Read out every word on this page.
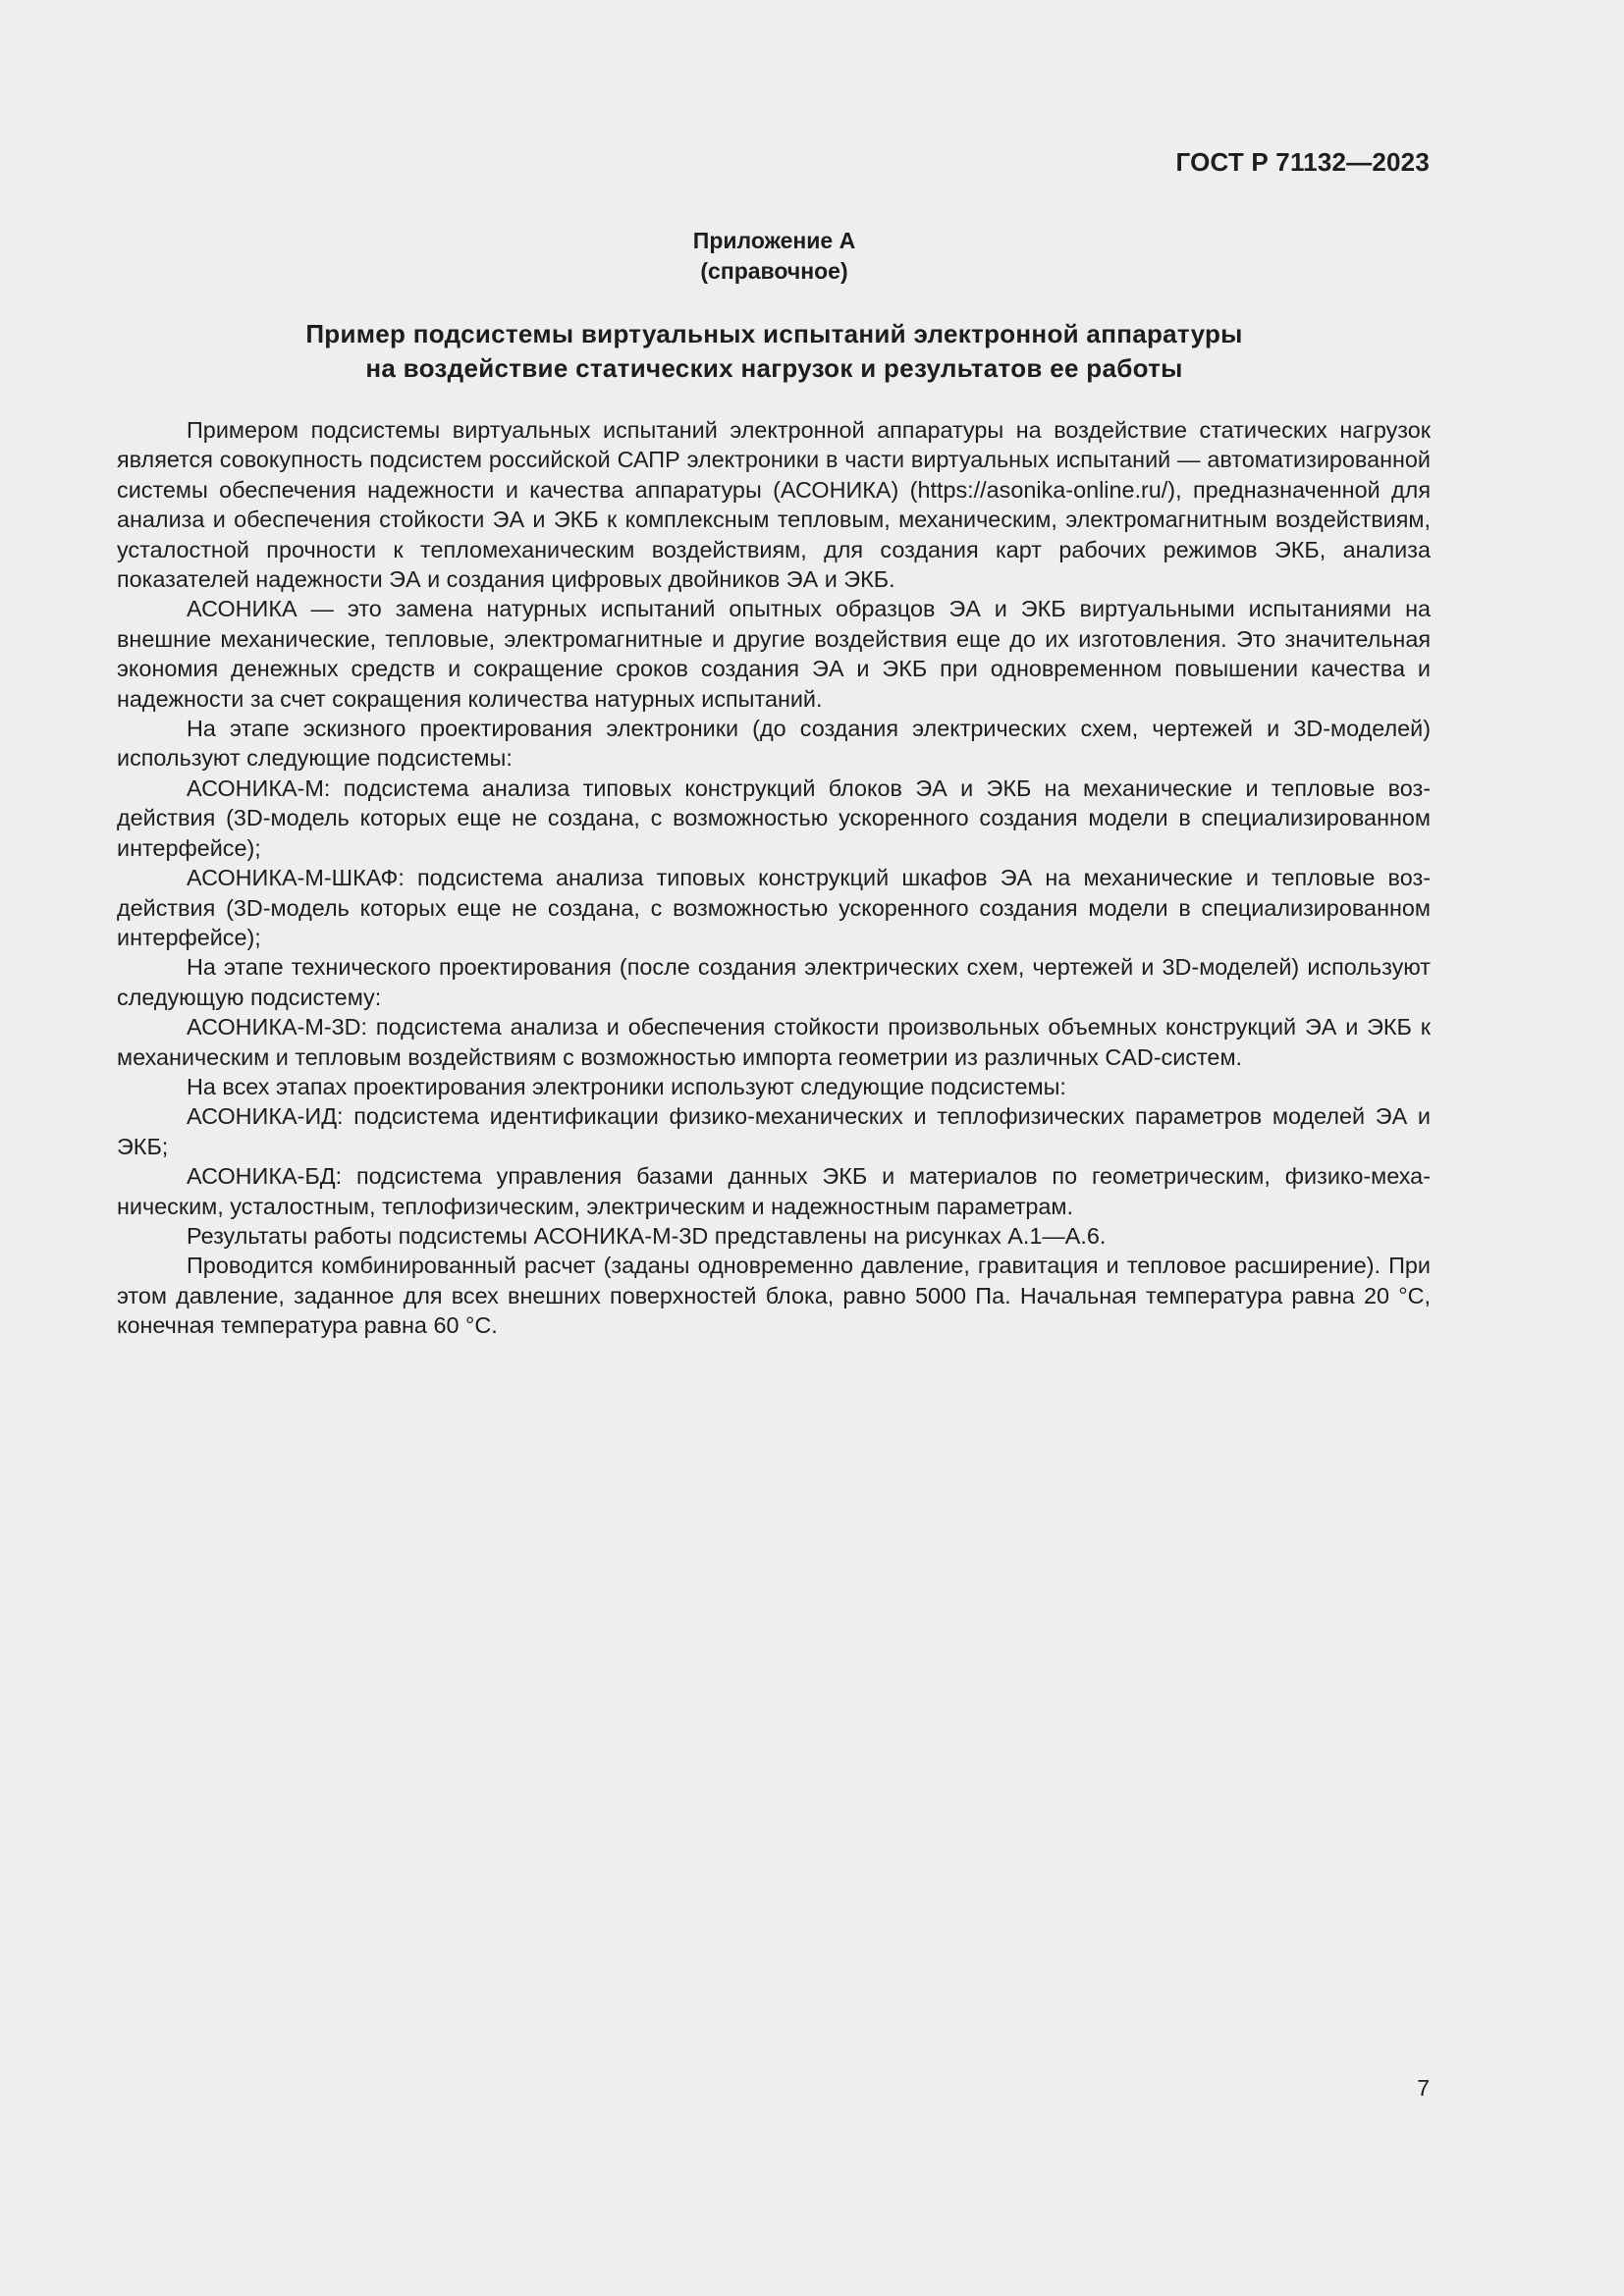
ГОСТ Р 71132—2023
Приложение А
(справочное)
Пример подсистемы виртуальных испытаний электронной аппаратуры
на воздействие статических нагрузок и результатов ее работы

Примером подсистемы виртуальных испытаний электронной аппаратуры на воздействие статических нагрузок является совокупность подсистем российской САПР электроники в части виртуальных испытаний — автоматизированной системы обеспечения надежности и качества аппаратуры (АСОНИКА) (https://asonika-online.​ru/), предназначенной для анализа и обеспечения стойкости ЭА и ЭКБ к комплексным тепловым, механическим, электромагнитным воздействиям, усталостной прочности к тепломеханическим воздействиям, для создания карт рабочих режимов ЭКБ, анализа показателей надежности ЭА и создания цифровых двойников ЭА и ЭКБ.

АСОНИКА — это замена натурных испытаний опытных образцов ЭА и ЭКБ виртуальными испытаниями на внешние механические, тепловые, электромагнитные и другие воздействия еще до их изготовления. Это значительная экономия денежных средств и сокращение сроков создания ЭА и ЭКБ при одновременном повышении качества и надежности за счет сокращения количества натурных испытаний.

На этапе эскизного проектирования электроники (до создания электрических схем, чертежей и 3D-моделей) используют следующие подсистемы:

АСОНИКА-М: подсистема анализа типовых конструкций блоков ЭА и ЭКБ на механические и тепловые воздействия (3D-модель которых еще не создана, с возможностью ускоренного создания модели в специализированном интерфейсе);

АСОНИКА-М-ШКАФ: подсистема анализа типовых конструкций шкафов ЭА на механические и тепловые воздействия (3D-модель которых еще не создана, с возможностью ускоренного создания модели в специализированном интерфейсе);

На этапе технического проектирования (после создания электрических схем, чертежей и 3D-моделей) используют следующую подсистему:

АСОНИКА-М-3D: подсистема анализа и обеспечения стойкости произвольных объемных конструкций ЭА и ЭКБ к механическим и тепловым воздействиям с возможностью импорта геометрии из различных CAD-систем.

На всех этапах проектирования электроники используют следующие подсистемы:

АСОНИКА-ИД: подсистема идентификации физико-механических и теплофизических параметров моделей ЭА и ЭКБ;

АСОНИКА-БД: подсистема управления базами данных ЭКБ и материалов по геометрическим, физико-механическим, усталостным, теплофизическим, электрическим и надежностным параметрам.

Результаты работы подсистемы АСОНИКА-М-3D представлены на рисунках А.1—А.6.

Проводится комбинированный расчет (заданы одновременно давление, гравитация и тепловое расширение). При этом давление, заданное для всех внешних поверхностей блока, равно 5000 Па. Начальная температура равна 20 °С, конечная температура равна 60 °С.

7
